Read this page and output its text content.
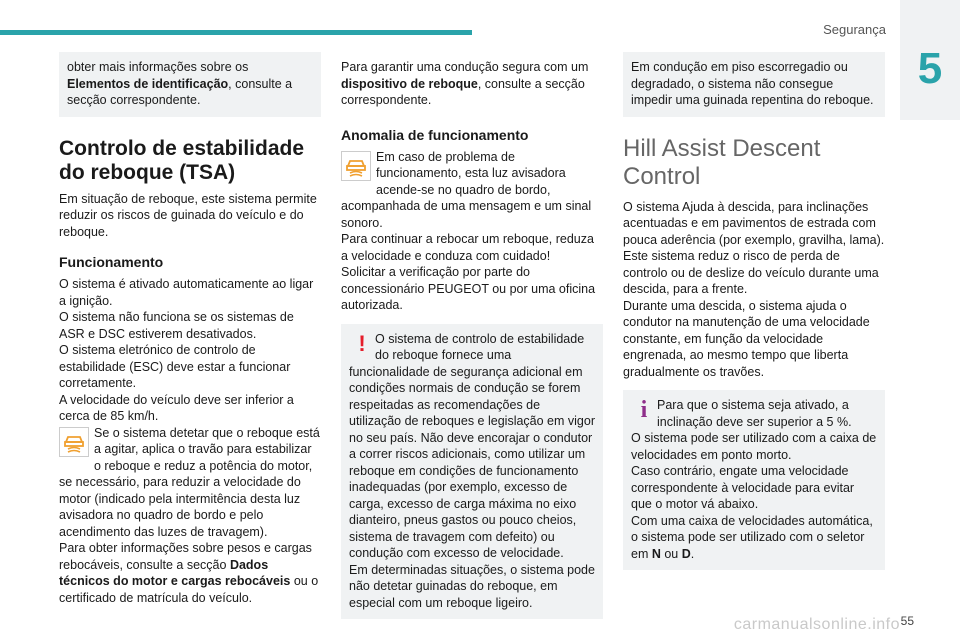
Segurança
5
obter mais informações sobre os Elementos de identificação, consulte a secção correspondente.
Controlo de estabilidade do reboque (TSA)

Em situação de reboque, este sistema permite reduzir os riscos de guinada do veículo e do reboque.

Funcionamento

O sistema é ativado automaticamente ao ligar a ignição.

O sistema não funciona se os sistemas de ASR e DSC estiverem desativados.

O sistema eletrónico de controlo de estabilidade (ESC) deve estar a funcionar corretamente.

A velocidade do veículo deve ser inferior a cerca de 85 km/h.

Se o sistema detetar que o reboque está a agitar, aplica o travão para estabilizar o reboque e reduz a potência do motor, se necessário, para reduzir a velocidade do motor (indicado pela intermitência desta luz avisadora no quadro de bordo e pelo acendimento das luzes de travagem).

Para obter informações sobre pesos e cargas rebocáveis, consulte a secção Dados técnicos do motor e cargas rebocáveis ou o certificado de matrícula do veículo.

Para garantir uma condução segura com um dispositivo de reboque, consulte a secção correspondente.

Anomalia de funcionamento

Em caso de problema de funcionamento, esta luz avisadora acende-se no quadro de bordo, acompanhada de uma mensagem e um sinal sonoro.

Para continuar a rebocar um reboque, reduza a velocidade e conduza com cuidado!

Solicitar a verificação por parte do concessionário PEUGEOT ou por uma oficina autorizada.

! O sistema de controlo de estabilidade do reboque fornece uma funcionalidade de segurança adicional em condições normais de condução se forem respeitadas as recomendações de utilização de reboques e legislação em vigor no seu país. Não deve encorajar o condutor a correr riscos adicionais, como utilizar um reboque em condições de funcionamento inadequadas (por exemplo, excesso de carga, excesso de carga máxima no eixo dianteiro, pneus gastos ou pouco cheios, sistema de travagem com defeito) ou condução com excesso de velocidade.
Em determinadas situações, o sistema pode não detetar guinadas do reboque, em especial com um reboque ligeiro.
Em condução em piso escorregadio ou degradado, o sistema não consegue impedir uma guinada repentina do reboque.
Hill Assist Descent Control

O sistema Ajuda à descida, para inclinações acentuadas e em pavimentos de estrada com pouca aderência (por exemplo, gravilha, lama). Este sistema reduz o risco de perda de controlo ou de deslize do veículo durante uma descida, para a frente.

Durante uma descida, o sistema ajuda o condutor na manutenção de uma velocidade constante, em função da velocidade engrenada, ao mesmo tempo que liberta gradualmente os travões.

i Para que o sistema seja ativado, a inclinação deve ser superior a 5 %.
O sistema pode ser utilizado com a caixa de velocidades em ponto morto.
Caso contrário, engate uma velocidade correspondente à velocidade para evitar que o motor vá abaixo.
Com uma caixa de velocidades automática, o sistema pode ser utilizado com o seletor em N ou D.
carmanualsonline.info 55
